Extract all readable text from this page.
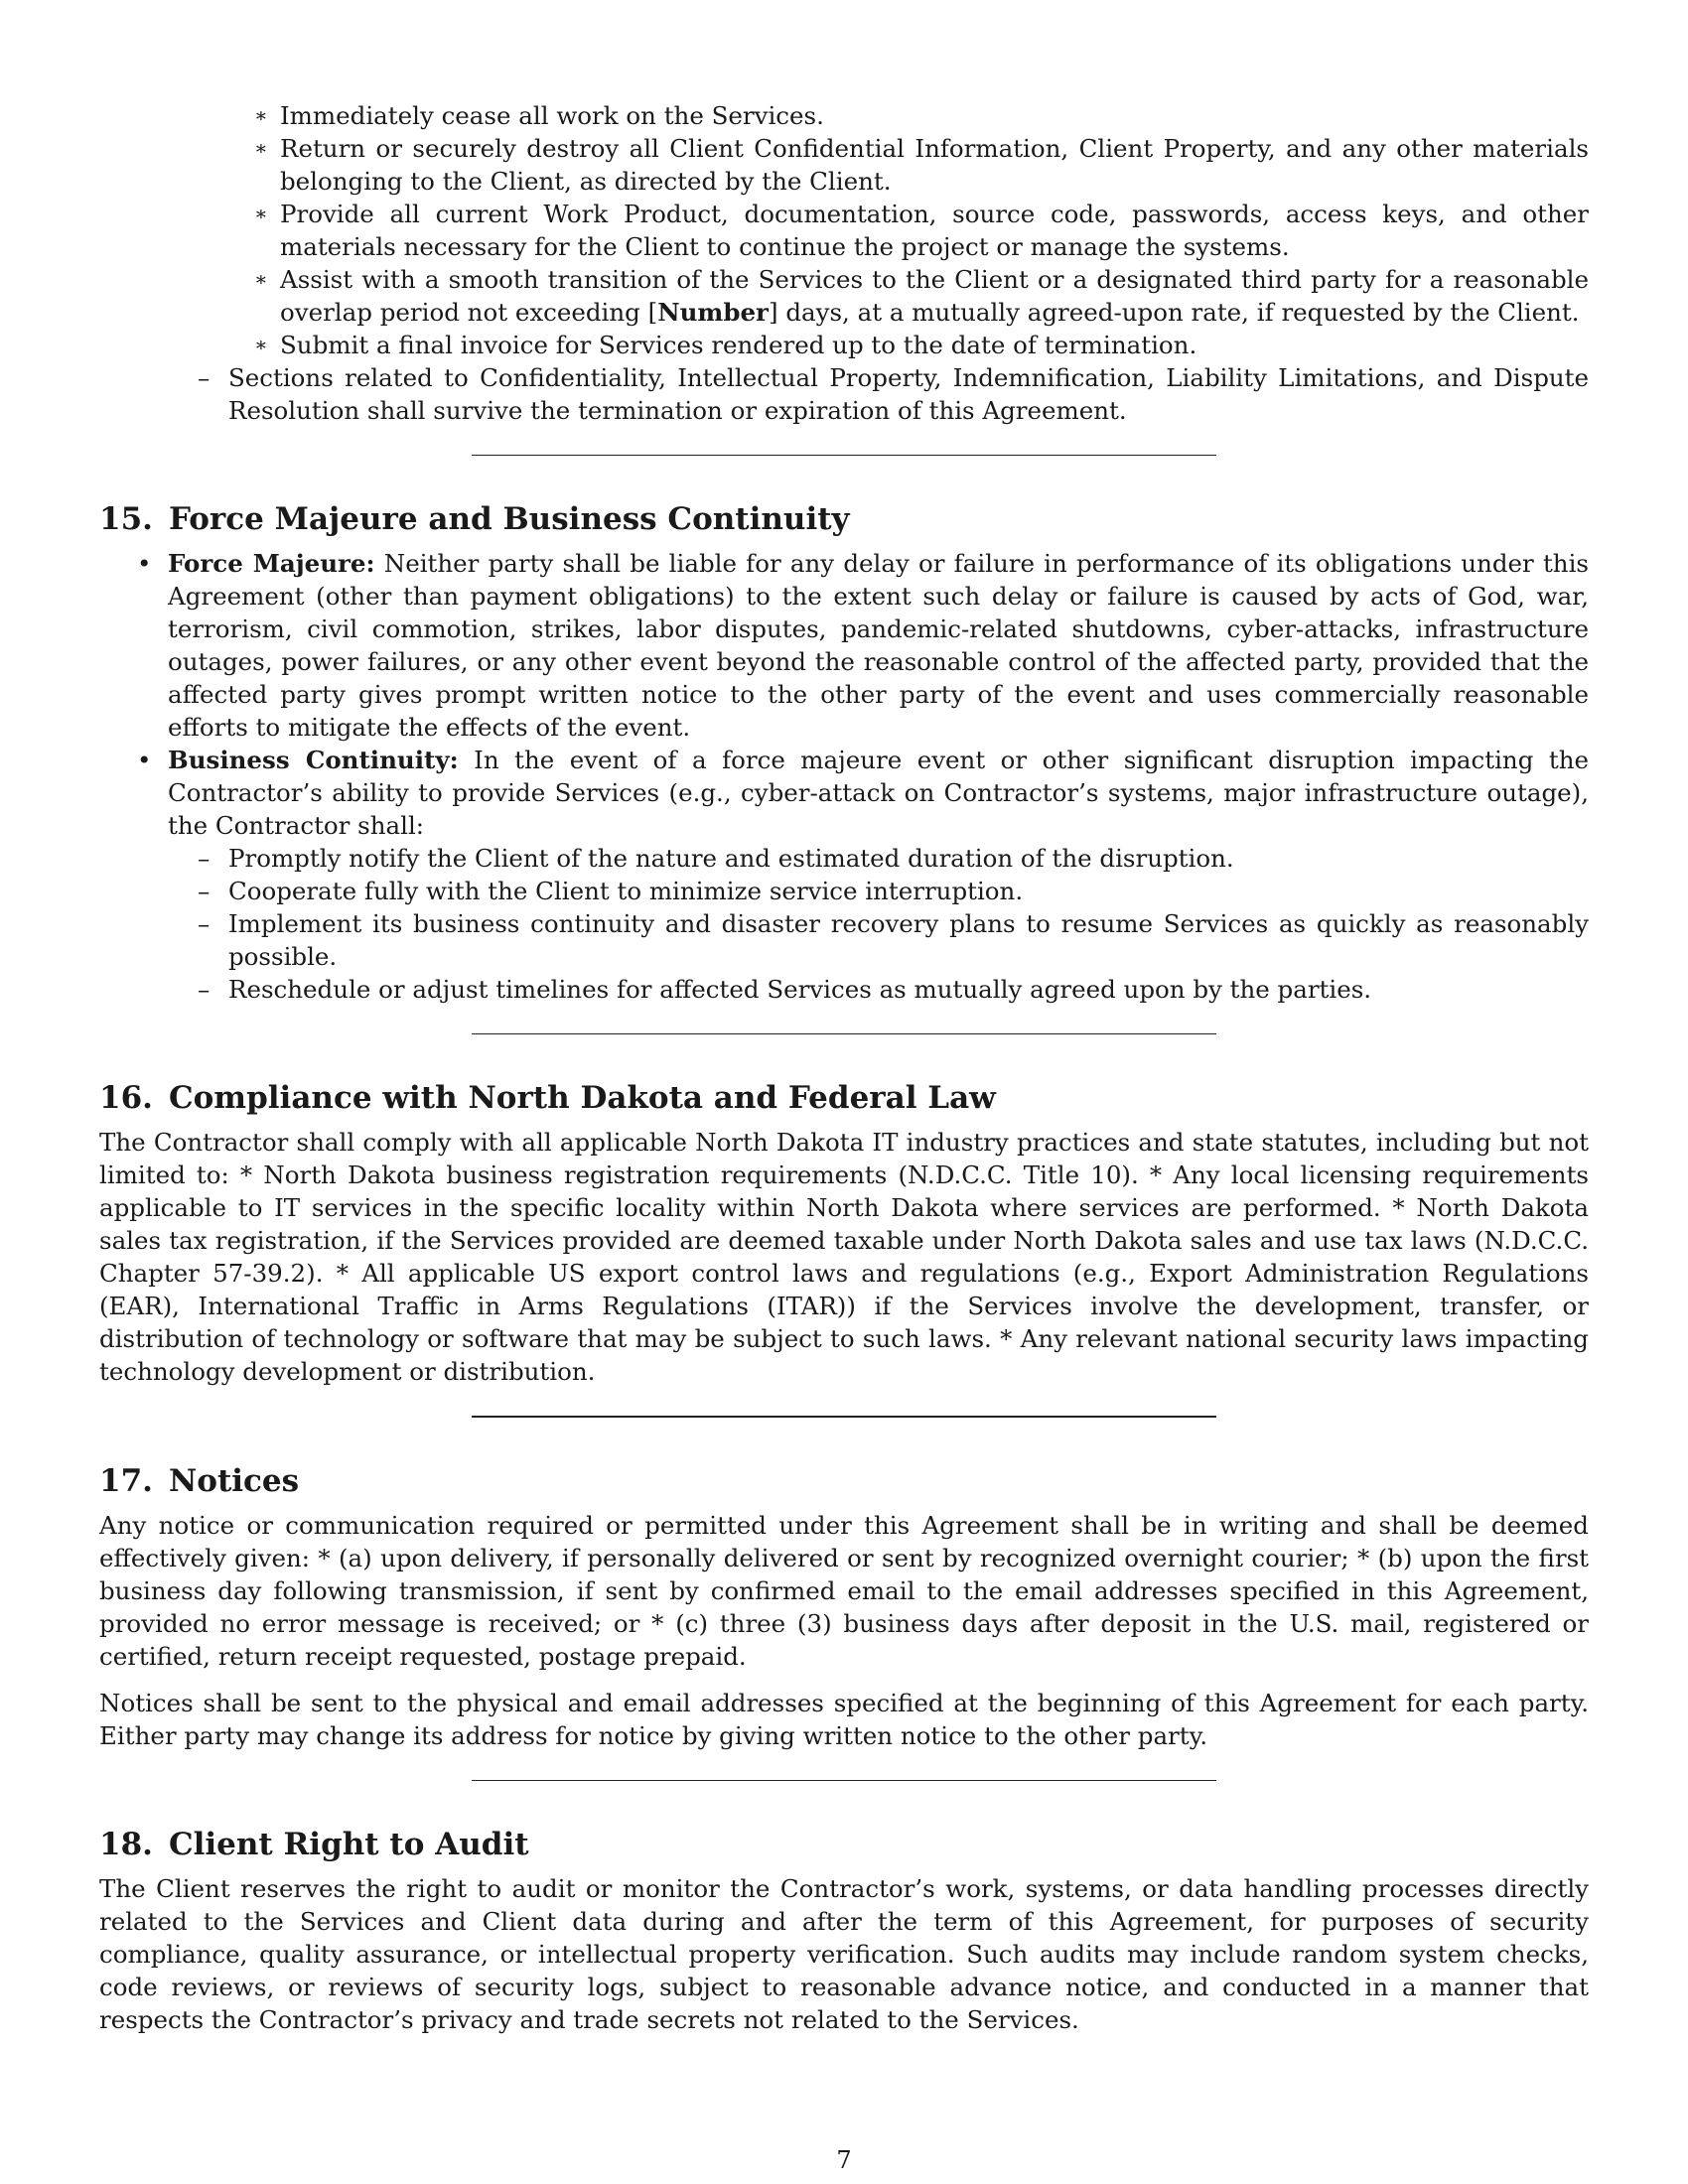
∗ Immediately cease all work on the Services.
∗ Return or securely destroy all Client Confidential Information, Client Property, and any other materials belonging to the Client, as directed by the Client.
∗ Provide all current Work Product, documentation, source code, passwords, access keys, and other materials necessary for the Client to continue the project or manage the systems.
∗ Assist with a smooth transition of the Services to the Client or a designated third party for a reasonable overlap period not exceeding [Number] days, at a mutually agreed-upon rate, if requested by the Client.
∗ Submit a final invoice for Services rendered up to the date of termination.
– Sections related to Confidentiality, Intellectual Property, Indemnification, Liability Limitations, and Dispute Resolution shall survive the termination or expiration of this Agreement.
15. Force Majeure and Business Continuity
• Force Majeure: Neither party shall be liable for any delay or failure in performance of its obligations under this Agreement (other than payment obligations) to the extent such delay or failure is caused by acts of God, war, terrorism, civil commotion, strikes, labor disputes, pandemic-related shutdowns, cyber-attacks, infrastructure outages, power failures, or any other event beyond the reasonable control of the affected party, provided that the affected party gives prompt written notice to the other party of the event and uses commercially reasonable efforts to mitigate the effects of the event.
• Business Continuity: In the event of a force majeure event or other significant disruption impacting the Contractor’s ability to provide Services (e.g., cyber-attack on Contractor’s systems, major infrastructure outage), the Contractor shall:
– Promptly notify the Client of the nature and estimated duration of the disruption.
– Cooperate fully with the Client to minimize service interruption.
– Implement its business continuity and disaster recovery plans to resume Services as quickly as reasonably possible.
– Reschedule or adjust timelines for affected Services as mutually agreed upon by the parties.
16. Compliance with North Dakota and Federal Law

The Contractor shall comply with all applicable North Dakota IT industry practices and state statutes, including but not limited to: * North Dakota business registration requirements (N.D.C.C. Title 10). * Any local licensing requirements applicable to IT services in the specific locality within North Dakota where services are performed. * North Dakota sales tax registration, if the Services provided are deemed taxable under North Dakota sales and use tax laws (N.D.C.C. Chapter 57-39.2). * All applicable US export control laws and regulations (e.g., Export Administration Regulations (EAR), International Traffic in Arms Regulations (ITAR)) if the Services involve the development, transfer, or distribution of technology or software that may be subject to such laws. * Any relevant national security laws impacting technology development or distribution.

17. Notices

Any notice or communication required or permitted under this Agreement shall be in writing and shall be deemed effectively given: * (a) upon delivery, if personally delivered or sent by recognized overnight courier; * (b) upon the first business day following transmission, if sent by confirmed email to the email addresses specified in this Agreement, provided no error message is received; or * (c) three (3) business days after deposit in the U.S. mail, registered or certified, return receipt requested, postage prepaid.

Notices shall be sent to the physical and email addresses specified at the beginning of this Agreement for each party. Either party may change its address for notice by giving written notice to the other party.

18. Client Right to Audit

The Client reserves the right to audit or monitor the Contractor’s work, systems, or data handling processes directly related to the Services and Client data during and after the term of this Agreement, for purposes of security compliance, quality assurance, or intellectual property verification. Such audits may include random system checks, code reviews, or reviews of security logs, subject to reasonable advance notice, and conducted in a manner that respects the Contractor’s privacy and trade secrets not related to the Services.

7
